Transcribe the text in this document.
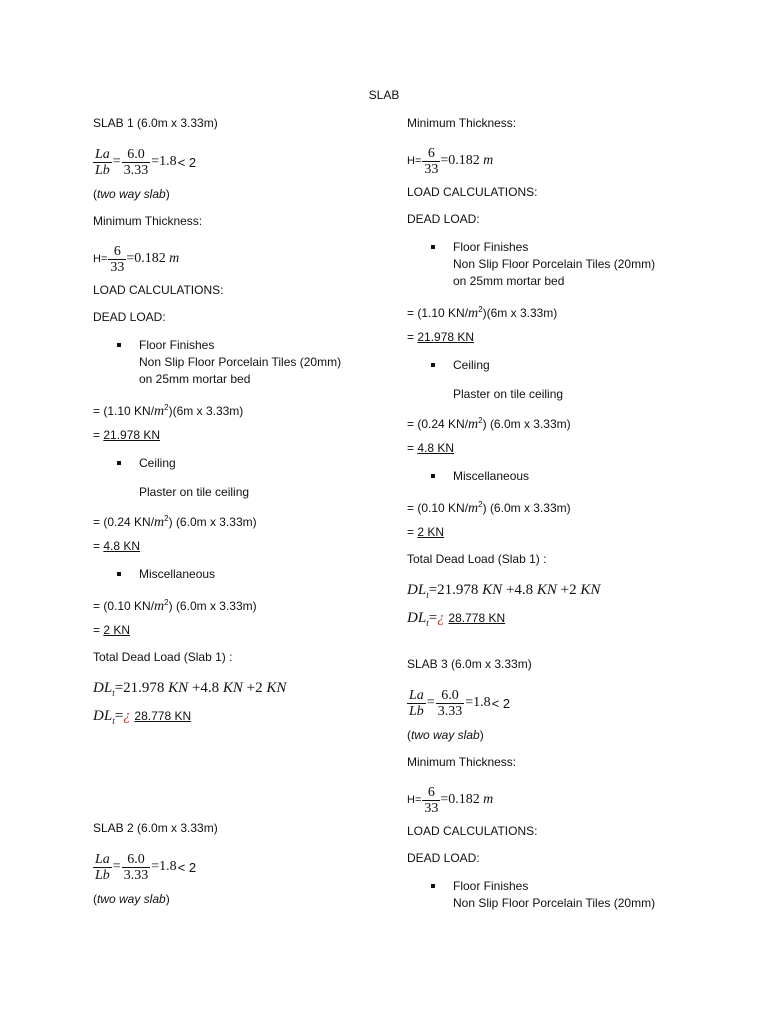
SLAB
SLAB 1 (6.0m x 3.33m)
$\frac{La}{Lb} = \frac{6.0}{3.33} =1.8 < 2$
(two way slab)
Minimum Thickness:
$H= \frac{6}{33} =0.182$
m
LOAD CALCULATIONS:
DEAD LOAD:
Floor Finishes
Non Slip Floor Porcelain Tiles (20mm)
on 25mm mortar bed
= (1.10 $KN/m^2)(6m$ x 3.33m)
= 21.978 KN
Ceiling
Plaster on tile ceiling
= (0.24 $KN/m^2$) (6.0m x 3.33m)
= 4.8 KN
Miscellaneous
= (0.10 $KN/m^2$) (6.0m x 3.33m)
= 2 KN
Total Dead Load (Slab 1) :
$DL_t=21.978$ KN +4.8 KN +2 KN
$DL_t=¿$ 28.778 KN
SLAB 2 (6.0m x 3.33m)
$\frac{La}{Lb} = \frac{6.0}{3.33} =1.8 < 2$
(two way slab)
Minimum Thickness:
$H= \frac{6}{33} =0.182$
m
LOAD CALCULATIONS:
DEAD LOAD:
Floor Finishes
Non Slip Floor Porcelain Tiles (20mm)
on 25mm mortar bed
= (1.10 $KN/m^2)(6m$ x 3.33m)
= 21.978 KN
Ceiling
Plaster on tile ceiling
= (0.24 $KN/m^2$) (6.0m x 3.33m)
= 4.8 KN
Miscellaneous
= (0.10 $KN/m^2$) (6.0m x 3.33m)
= 2 KN
Total Dead Load (Slab 1) :
$DL_t=21.978$ KN +4.8 KN +2 KN
$DL_t=¿$ 28.778 KN
SLAB 3 (6.0m x 3.33m)
$\frac{La}{Lb} = \frac{6.0}{3.33} =1.8 < 2$
(two way slab)
Minimum Thickness:
$H= \frac{6}{33} =0.182$
m
LOAD CALCULATIONS:
DEAD LOAD:
Floor Finishes
Non Slip Floor Porcelain Tiles (20mm)
